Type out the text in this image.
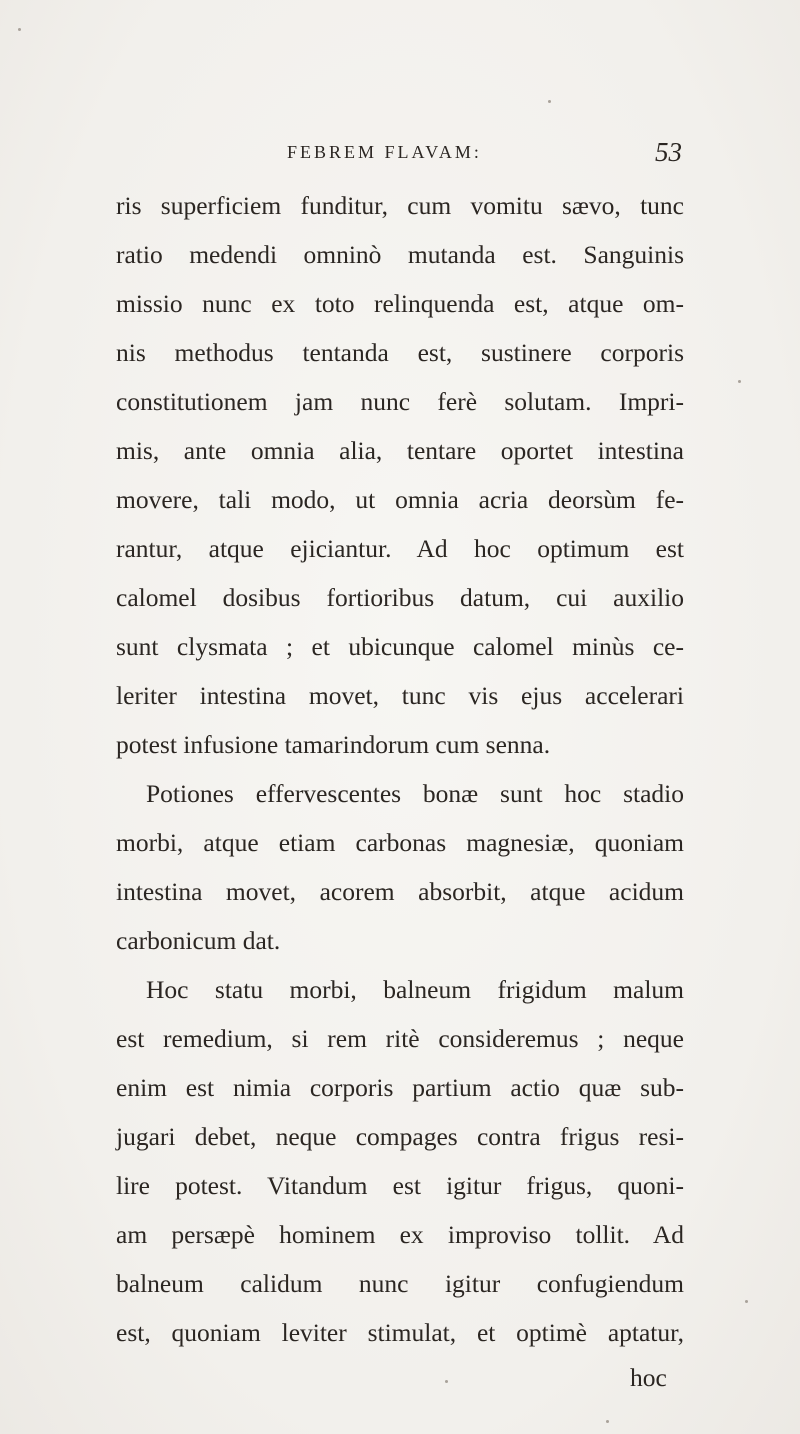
FEBREM FLAVAM:	53
ris superficiem funditur, cum vomitu sævo, tunc
ratio medendi omninò mutanda est. Sanguinis
missio nunc ex toto relinquenda est, atque om-
nis methodus tentanda est, sustinere corporis
constitutionem jam nunc ferè solutam. Impri-
mis, ante omnia alia, tentare oportet intestina
movere, tali modo, ut omnia acria deorsùm fe-
rantur, atque ejiciantur. Ad hoc optimum est
calomel dosibus fortioribus datum, cui auxilio
sunt clysmata ; et ubicunque calomel minùs ce-
leriter intestina movet, tunc vis ejus accelerari
potest infusione tamarindorum cum senna.
Potiones effervescentes bonæ sunt hoc stadio
morbi, atque etiam carbonas magnesiæ, quoniam
intestina movet, acorem absorbit, atque acidum
carbonicum dat.
Hoc statu morbi, balneum frigidum malum
est remedium, si rem ritè consideremus ; neque
enim est nimia corporis partium actio quæ sub-
jugari debet, neque compages contra frigus resi-
lire potest. Vitandum est igitur frigus, quoni-
am persæpè hominem ex improviso tollit. Ad
balneum calidum nunc igitur confugiendum
est, quoniam leviter stimulat, et optimè aptatur,
hoc
